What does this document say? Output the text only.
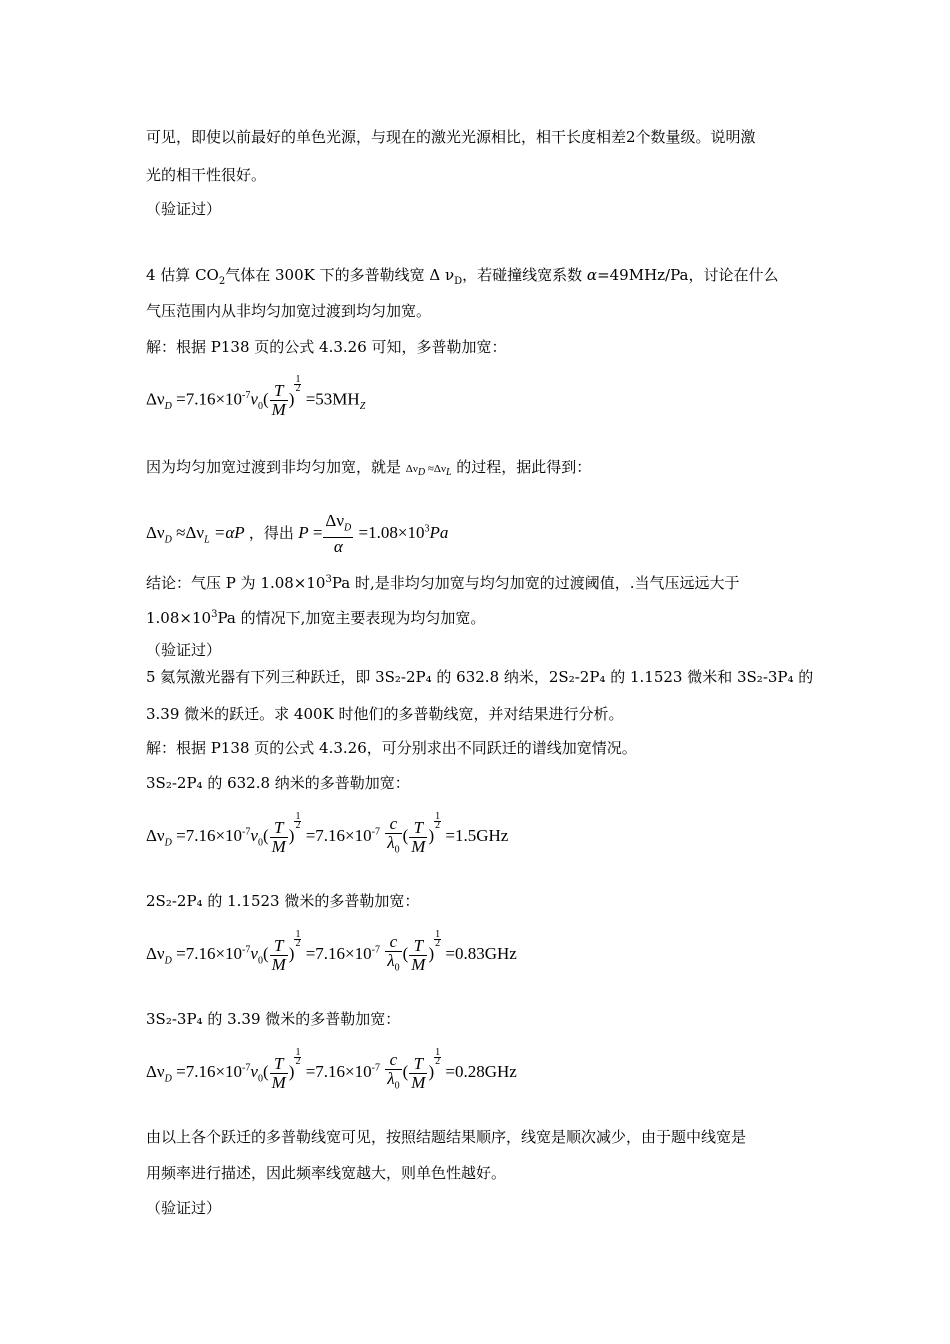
可见，即使以前最好的单色光源，与现在的激光光源相比，相干长度相差2个数量级。说明激
光的相干性很好。
（验证过）
4 估算 $CO_2$气体在 300K 下的多普勒线宽 Δ $\nu_D$，若碰撞线宽系数 α=49MHz/Pa，讨论在什么
气压范围内从非均匀加宽过渡到均匀加宽。
解：根据 P138 页的公式 4.3.26 可知，多普勒加宽：
$\Delta\nu_D =7.16\times 10^{-7}\nu_0( \frac{T}{M}$ )
$\frac{1}{2}$
$=53MH_Z$
因为均匀加宽过渡到非均匀加宽，就是 $\Delta\nu_D \approx\Delta\nu_L$ 的过程，据此得到：
$\Delta\nu_D \approx\Delta\nu_L =\alpha P$ ，得出 $P = \frac{\Delta\nu_D}{\alpha} =1.08\times 10^3Pa$
结论：气压 P 为 $1.08\times 10^3Pa$ 时,是非均匀加宽与均匀加宽的过渡阈值，.当气压远远大于
$1.08\times 10^3Pa$ 的情况下,加宽主要表现为均匀加宽。
（验证过）
5 氦氖激光器有下列三种跃迁，即 3S₂-2P₄ 的 632.8 纳米，2S₂-2P₄ 的 1.1523 微米和 3S₂-3P₄ 的
3.39 微米的跃迁。求 400K 时他们的多普勒线宽，并对结果进行分析。
解：根据 P138 页的公式 4.3.26，可分别求出不同跃迁的谱线加宽情况。
3S₂-2P₄ 的 632.8 纳米的多普勒加宽：
$\Delta\nu_D =7.16\times 10^{-7}\nu_0( \frac{T}{M}$ )
$\frac{1}{2}$
$=7.16\times 10^{-7} \frac{c}{\lambda_0}$ ( $\frac{T}{M}$ )
$\frac{1}{2}$
=1.5GHz
2S₂-2P₄ 的 1.1523 微米的多普勒加宽：
$\Delta\nu_D =7.16\times 10^{-7}\nu_0( \frac{T}{M}$ )
$\frac{1}{2}$
$=7.16\times 10^{-7} \frac{c}{\lambda_0}$ ( $\frac{T}{M}$ )
$\frac{1}{2}$
=0.83GHz
3S₂-3P₄ 的 3.39 微米的多普勒加宽：
$\Delta\nu_D =7.16\times 10^{-7}\nu_0( \frac{T}{M}$ )
$\frac{1}{2}$
$=7.16\times 10^{-7} \frac{c}{\lambda_0}$ ( $\frac{T}{M}$ )
$\frac{1}{2}$
=0.28GHz
由以上各个跃迁的多普勒线宽可见，按照结题结果顺序，线宽是顺次减少，由于题中线宽是
用频率进行描述，因此频率线宽越大，则单色性越好。
（验证过）
